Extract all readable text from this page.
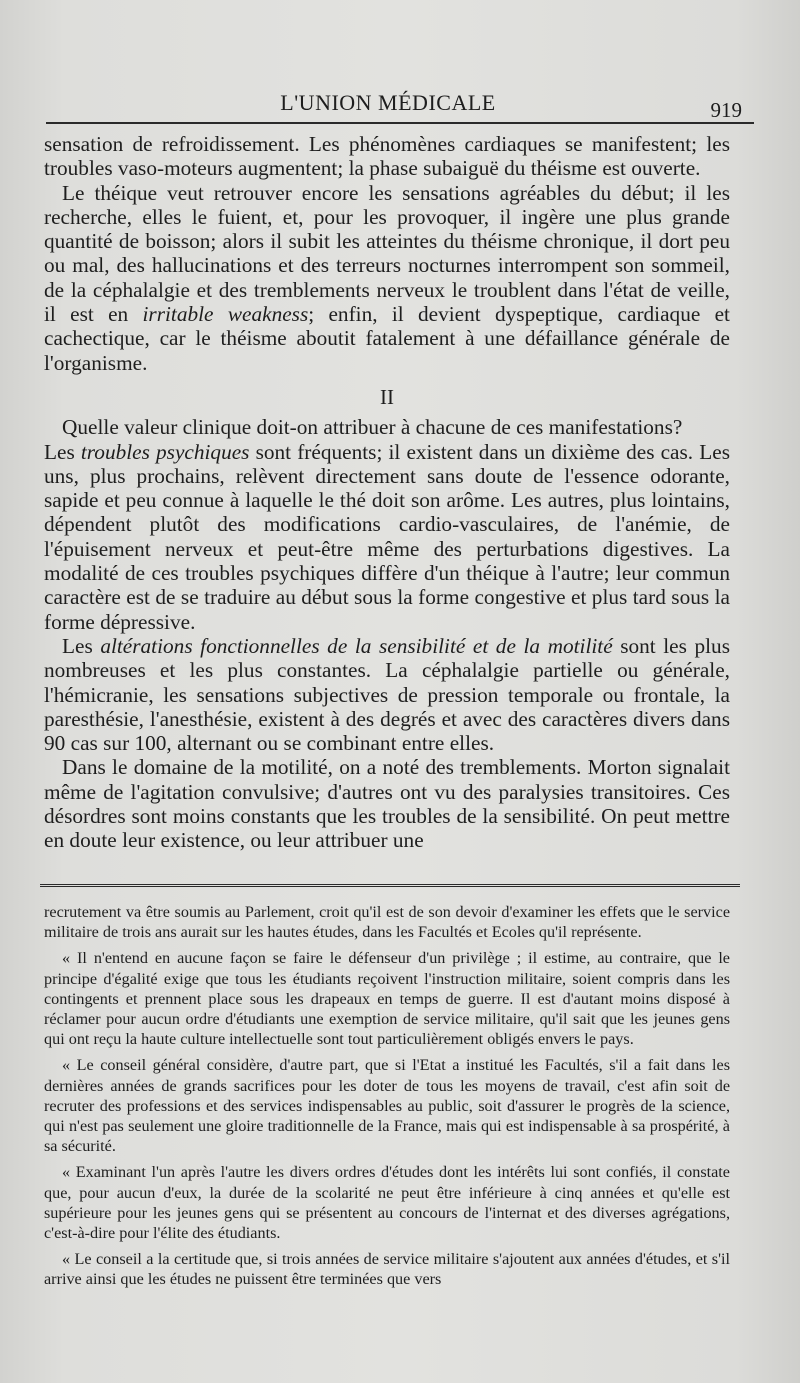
L'UNION MÉDICALE	919

sensation de refroidissement. Les phénomènes cardiaques se manifestent; les troubles vaso-moteurs augmentent; la phase subaiguë du théisme est ouverte.

Le théique veut retrouver encore les sensations agréables du début; il les recherche, elles le fuient, et, pour les provoquer, il ingère une plus grande quantité de boisson; alors il subit les atteintes du théisme chronique, il dort peu ou mal, des hallucinations et des terreurs nocturnes interrompent son sommeil, de la céphalalgie et des tremblements nerveux le troublent dans l'état de veille, il est en irritable weakness; enfin, il devient dyspeptique, cardiaque et cachectique, car le théisme aboutit fatalement à une défaillance générale de l'organisme.

II

Quelle valeur clinique doit-on attribuer à chacune de ces manifestations?

Les troubles psychiques sont fréquents; il existent dans un dixième des cas. Les uns, plus prochains, relèvent directement sans doute de l'essence odorante, sapide et peu connue à laquelle le thé doit son arôme. Les autres, plus lointains, dépendent plutôt des modifications cardio-vasculaires, de l'anémie, de l'épuisement nerveux et peut-être même des perturbations digestives. La modalité de ces troubles psychiques diffère d'un théique à l'autre; leur commun caractère est de se traduire au début sous la forme congestive et plus tard sous la forme dépressive.

Les altérations fonctionnelles de la sensibilité et de la motilité sont les plus nombreuses et les plus constantes. La céphalalgie partielle ou générale, l'hémicranie, les sensations subjectives de pression temporale ou frontale, la paresthésie, l'anesthésie, existent à des degrés et avec des caractères divers dans 90 cas sur 100, alternant ou se combinant entre elles.

Dans le domaine de la motilité, on a noté des tremblements. Morton signalait même de l'agitation convulsive; d'autres ont vu des paralysies transitoires. Ces désordres sont moins constants que les troubles de la sensibilité. On peut mettre en doute leur existence, ou leur attribuer une

recrutement va être soumis au Parlement, croit qu'il est de son devoir d'examiner les effets que le service militaire de trois ans aurait sur les hautes études, dans les Facultés et Ecoles qu'il représente.

« Il n'entend en aucune façon se faire le défenseur d'un privilège ; il estime, au contraire, que le principe d'égalité exige que tous les étudiants reçoivent l'instruction militaire, soient compris dans les contingents et prennent place sous les drapeaux en temps de guerre. Il est d'autant moins disposé à réclamer pour aucun ordre d'étudiants une exemption de service militaire, qu'il sait que les jeunes gens qui ont reçu la haute culture intellectuelle sont tout particulièrement obligés envers le pays.

« Le conseil général considère, d'autre part, que si l'Etat a institué les Facultés, s'il a fait dans les dernières années de grands sacrifices pour les doter de tous les moyens de travail, c'est afin soit de recruter des professions et des services indispensables au public, soit d'assurer le progrès de la science, qui n'est pas seulement une gloire traditionnelle de la France, mais qui est indispensable à sa prospérité, à sa sécurité.

« Examinant l'un après l'autre les divers ordres d'études dont les intérêts lui sont confiés, il constate que, pour aucun d'eux, la durée de la scolarité ne peut être inférieure à cinq années et qu'elle est supérieure pour les jeunes gens qui se présentent au concours de l'internat et des diverses agrégations, c'est-à-dire pour l'élite des étudiants.

« Le conseil a la certitude que, si trois années de service militaire s'ajoutent aux années d'études, et s'il arrive ainsi que les études ne puissent être terminées que vers
